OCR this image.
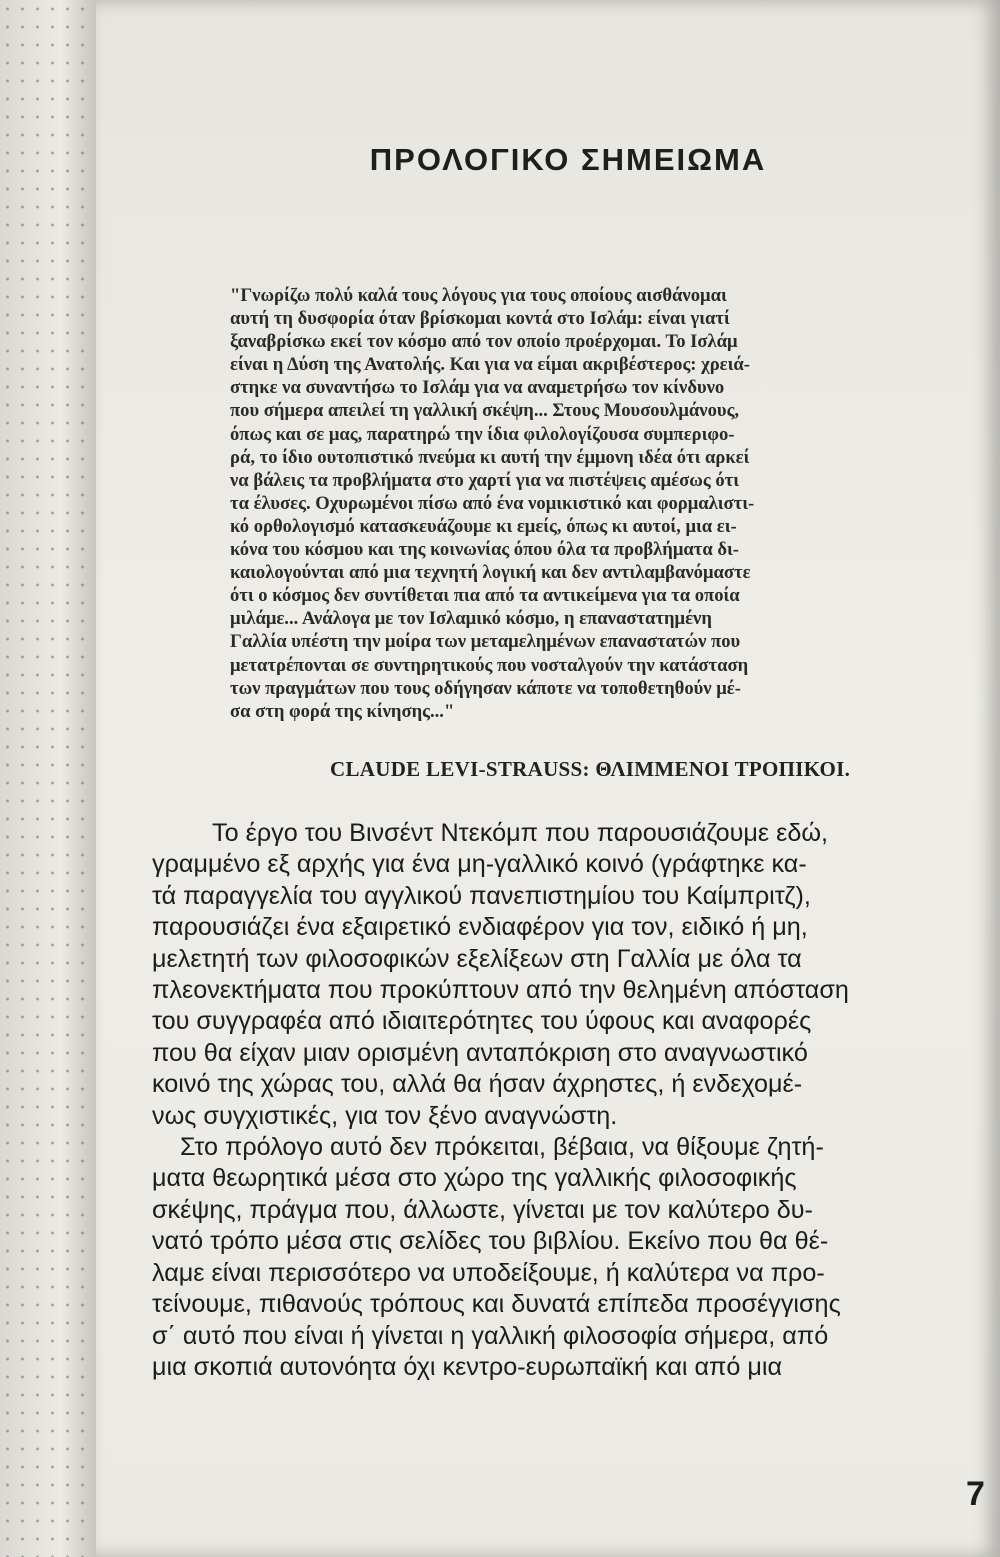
ΠΡΟΛΟΓΙΚΟ ΣΗΜΕΙΩΜΑ
"Γνωρίζω πολύ καλά τους λόγους για τους οποίους αισθάνομαι
αυτή τη δυσφορία όταν βρίσκομαι κοντά στο Ισλάμ: είναι γιατί
ξαναβρίσκω εκεί τον κόσμο από τον οποίο προέρχομαι. Το Ισλάμ
είναι η Δύση της Ανατολής. Και για να είμαι ακριβέστερος: χρειά-
στηκε να συναντήσω το Ισλάμ για να αναμετρήσω τον κίνδυνο
που σήμερα απειλεί τη γαλλική σκέψη... Στους Μουσουλμάνους,
όπως και σε μας, παρατηρώ την ίδια φιλολογίζουσα συμπεριφο-
ρά, το ίδιο ουτοπιστικό πνεύμα κι αυτή την έμμονη ιδέα ότι αρκεί
να βάλεις τα προβλήματα στο χαρτί για να πιστέψεις αμέσως ότι
τα έλυσες. Οχυρωμένοι πίσω από ένα νομικιστικό και φορμαλιστι-
κό ορθολογισμό κατασκευάζουμε κι εμείς, όπως κι αυτοί, μια ει-
κόνα του κόσμου και της κοινωνίας όπου όλα τα προβλήματα δι-
καιολογούνται από μια τεχνητή λογική και δεν αντιλαμβανόμαστε
ότι ο κόσμος δεν συντίθεται πια από τα αντικείμενα για τα οποία
μιλάμε... Ανάλογα με τον Ισλαμικό κόσμο, η επαναστατημένη
Γαλλία υπέστη την μοίρα των μεταμελημένων επαναστατών που
μετατρέπονται σε συντηρητικούς που νοσταλγούν την κατάσταση
των πραγμάτων που τους οδήγησαν κάποτε να τοποθετηθούν μέ-
σα στη φορά της κίνησης..."
CLAUDE LEVI-STRAUSS: ΘΛΙΜΜΕΝΟΙ ΤΡΟΠΙΚΟΙ.
Το έργο του Βινσέντ Ντεκόμπ που παρουσιάζουμε εδώ,
γραμμένο εξ αρχής για ένα μη-γαλλικό κοινό (γράφτηκε κα-
τά παραγγελία του αγγλικού πανεπιστημίου του Καίμπριτζ),
παρουσιάζει ένα εξαιρετικό ενδιαφέρον για τον, ειδικό ή μη,
μελετητή των φιλοσοφικών εξελίξεων στη Γαλλία με όλα τα
πλεονεκτήματα που προκύπτουν από την θελημένη απόσταση
του συγγραφέα από ιδιαιτερότητες του ύφους και αναφορές
που θα είχαν μιαν ορισμένη ανταπόκριση στο αναγνωστικό
κοινό της χώρας του, αλλά θα ήσαν άχρηστες, ή ενδεχομέ-
νως συγχιστικές, για τον ξένο αναγνώστη.
Στο πρόλογο αυτό δεν πρόκειται, βέβαια, να θίξουμε ζητή-
ματα θεωρητικά μέσα στο χώρο της γαλλικής φιλοσοφικής
σκέψης, πράγμα που, άλλωστε, γίνεται με τον καλύτερο δυ-
νατό τρόπο μέσα στις σελίδες του βιβλίου. Εκείνο που θα θέ-
λαμε είναι περισσότερο να υποδείξουμε, ή καλύτερα να προ-
τείνουμε, πιθανούς τρόπους και δυνατά επίπεδα προσέγγισης
σ΄ αυτό που είναι ή γίνεται η γαλλική φιλοσοφία σήμερα, από
μια σκοπιά αυτονόητα όχι κεντρο-ευρωπαϊκή και από μια
7
